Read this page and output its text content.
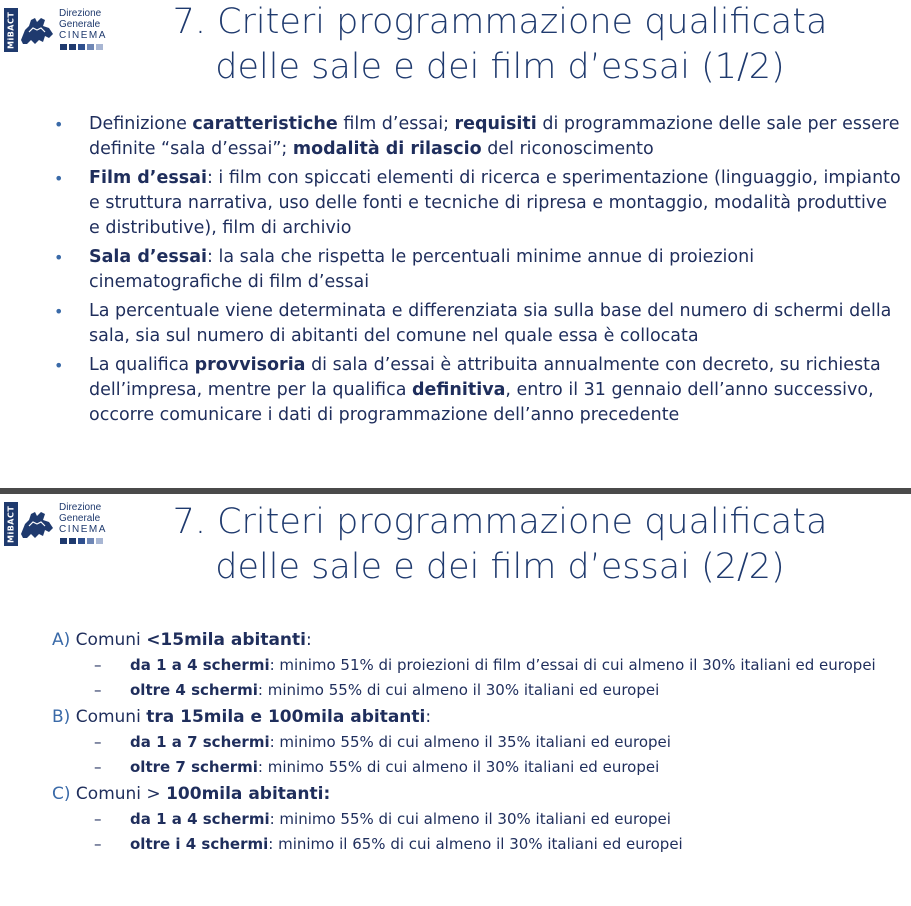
MiBACT	Direzione
Generale
CINEMA	7. Criteri programmazione qualificata
delle sale e dei film d’essai (1/2)
• Definizione caratteristiche film d’essai; requisiti di programmazione delle sale per essere definite “sala d’essai”; modalità di rilascio del riconoscimento
• Film d’essai: i film con spiccati elementi di ricerca e sperimentazione (linguaggio, impianto e struttura narrativa, uso delle fonti e tecniche di ripresa e montaggio, modalità produttive e distributive), film di archivio
• Sala d’essai: la sala che rispetta le percentuali minime annue di proiezioni cinematografiche di film d’essai
• La percentuale viene determinata e differenziata sia sulla base del numero di schermi della sala, sia sul numero di abitanti del comune nel quale essa è collocata
• La qualifica provvisoria di sala d’essai è attribuita annualmente con decreto, su richiesta dell’impresa, mentre per la qualifica definitiva, entro il 31 gennaio dell’anno successivo, occorre comunicare i dati di programmazione dell’anno precedente
MiBACT	Direzione
Generale
CINEMA	7. Criteri programmazione qualificata
delle sale e dei film d’essai (2/2)
A) Comuni <15mila abitanti:
– da 1 a 4 schermi: minimo 51% di proiezioni di film d’essai di cui almeno il 30% italiani ed europei
– oltre 4 schermi: minimo 55% di cui almeno il 30% italiani ed europei
B) Comuni tra 15mila e 100mila abitanti:
– da 1 a 7 schermi: minimo 55% di cui almeno il 35% italiani ed europei
– oltre 7 schermi: minimo 55% di cui almeno il 30% italiani ed europei
C) Comuni > 100mila abitanti:
– da 1 a 4 schermi: minimo 55% di cui almeno il 30% italiani ed europei
– oltre i 4 schermi: minimo il 65% di cui almeno il 30% italiani ed europei
